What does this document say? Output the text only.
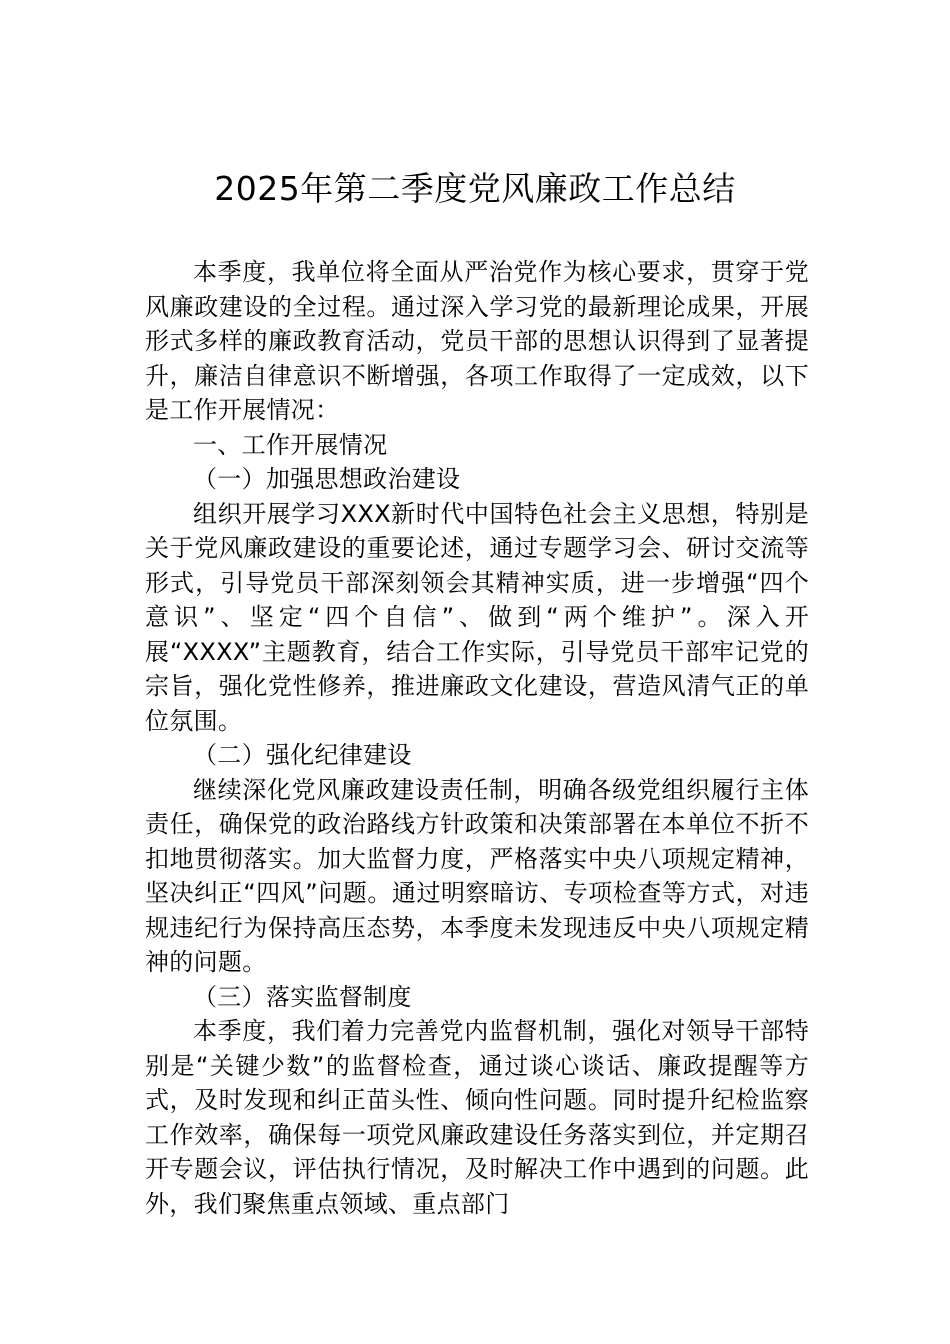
2025年第二季度党风廉政工作总结

本季度，我单位将全面从严治党作为核心要求，贯穿于党风廉政建设的全过程。通过深入学习党的最新理论成果，开展形式多样的廉政教育活动，党员干部的思想认识得到了显著提升，廉洁自律意识不断增强，各项工作取得了一定成效，以下是工作开展情况：

一、工作开展情况

（一）加强思想政治建设

组织开展学习XXX新时代中国特色社会主义思想，特别是关于党风廉政建设的重要论述，通过专题学习会、研讨交流等形式，引导党员干部深刻领会其精神实质，进一步增强“四个意识”、坚定“四个自信”、做到“两个维护”。深入开展“XXXX”主题教育，结合工作实际，引导党员干部牢记党的宗旨，强化党性修养，推进廉政文化建设，营造风清气正的单位氛围。

（二）强化纪律建设

继续深化党风廉政建设责任制，明确各级党组织履行主体责任，确保党的政治路线方针政策和决策部署在本单位不折不扣地贯彻落实。加大监督力度，严格落实中央八项规定精神，坚决纠正“四风”问题。通过明察暗访、专项检查等方式，对违规违纪行为保持高压态势，本季度未发现违反中央八项规定精神的问题。

（三）落实监督制度

本季度，我们着力完善党内监督机制，强化对领导干部特别是“关键少数”的监督检查，通过谈心谈话、廉政提醒等方式，及时发现和纠正苗头性、倾向性问题。同时提升纪检监察工作效率，确保每一项党风廉政建设任务落实到位，并定期召开专题会议，评估执行情况，及时解决工作中遇到的问题。此外，我们聚焦重点领域、重点部门
